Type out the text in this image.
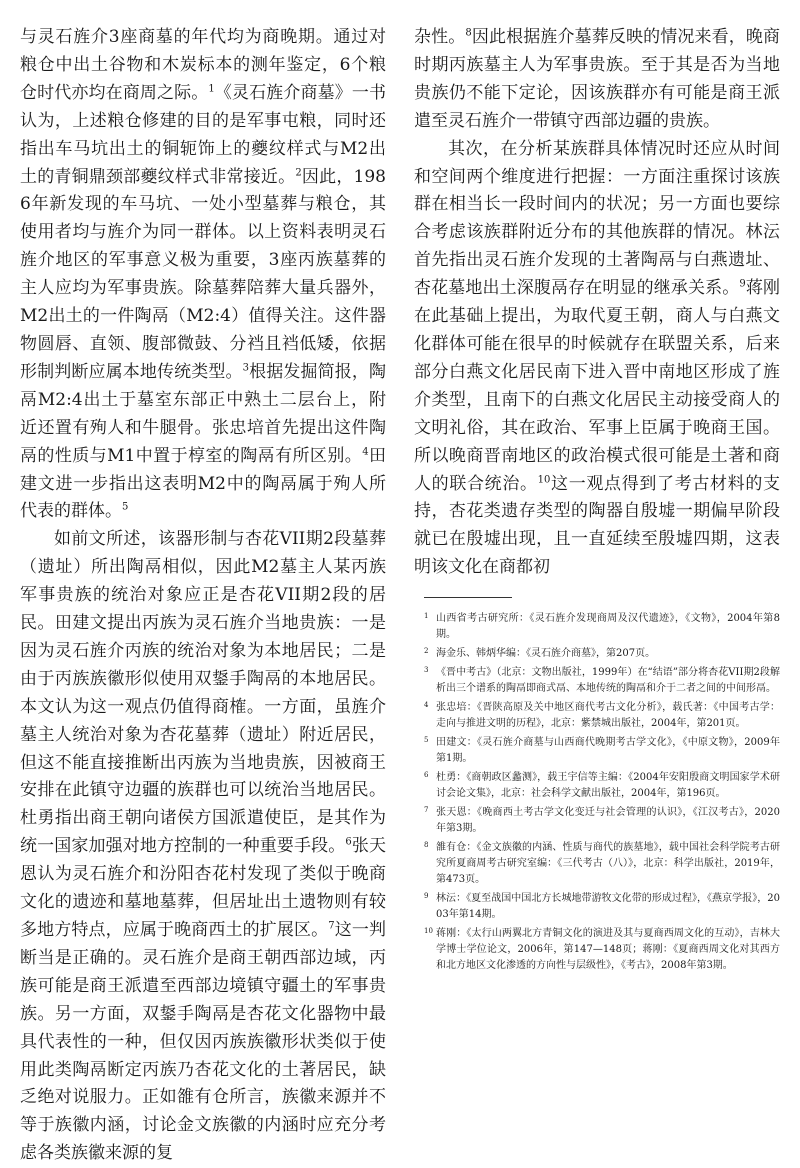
与灵石旌介3座商墓的年代均为商晚期。通过对粮仓中出土谷物和木炭标本的测年鉴定，6个粮仓时代亦均在商周之际。$^1$《灵石旌介商墓》一书认为，上述粮仓修建的目的是军事屯粮，同时还指出车马坑出土的铜轭饰上的夔纹样式与M2出土的青铜鼎颈部夔纹样式非常接近。$^2$因此，1986年新发现的车马坑、一处小型墓葬与粮仓，其使用者均与旌介为同一群体。以上资料表明灵石旌介地区的军事意义极为重要，3座丙族墓葬的主人应均为军事贵族。除墓葬陪葬大量兵器外，M2出土的一件陶鬲（M2:4）值得关注。这件器物圆唇、直领、腹部微鼓、分裆且裆低矮，依据形制判断应属本地传统类型。$^3$根据发掘简报，陶鬲M2:4出土于墓室东部正中熟土二层台上，附近还置有殉人和牛腿骨。张忠培首先提出这件陶鬲的性质与M1中置于椁室的陶鬲有所区别。$^4$田建文进一步指出这表明M2中的陶鬲属于殉人所代表的群体。$^5$

如前文所述，该器形制与杏花VII期2段墓葬（遗址）所出陶鬲相似，因此M2墓主人某丙族军事贵族的统治对象应正是杏花VII期2段的居民。田建文提出丙族为灵石旌介当地贵族：一是因为灵石旌介丙族的统治对象为本地居民；二是由于丙族族徽形似使用双鋬手陶鬲的本地居民。本文认为这一观点仍值得商榷。一方面，虽旌介墓主人统治对象为杏花墓葬（遗址）附近居民，但这不能直接推断出丙族为当地贵族，因被商王安排在此镇守边疆的族群也可以统治当地居民。杜勇指出商王朝向诸侯方国派遣使臣，是其作为统一国家加强对地方控制的一种重要手段。$^6$张天恩认为灵石旌介和汾阳杏花村发现了类似于晚商文化的遗迹和墓地墓葬，但居址出土遗物则有较多地方特点，应属于晚商西土的扩展区。$^7$这一判断当是正确的。灵石旌介是商王朝西部边域，丙族可能是商王派遣至西部边境镇守疆土的军事贵族。另一方面，双鋬手陶鬲是杏花文化器物中最具代表性的一种，但仅因丙族族徽形状类似于使用此类陶鬲断定丙族乃杏花文化的土著居民，缺乏绝对说服力。正如雒有仓所言，族徽来源并不等于族徽内涵，讨论金文族徽的内涵时应充分考虑各类族徽来源的复

杂性。$^8$因此根据旌介墓葬反映的情况来看，晚商时期丙族墓主人为军事贵族。至于其是否为当地贵族仍不能下定论，因该族群亦有可能是商王派遣至灵石旌介一带镇守西部边疆的贵族。

其次，在分析某族群具体情况时还应从时间和空间两个维度进行把握：一方面注重探讨该族群在相当长一段时间内的状况；另一方面也要综合考虑该族群附近分布的其他族群的情况。林沄首先指出灵石旌介发现的土著陶鬲与白燕遗址、杏花墓地出土深腹鬲存在明显的继承关系。$^9$蒋刚在此基础上提出，为取代夏王朝，商人与白燕文化群体可能在很早的时候就存在联盟关系，后来部分白燕文化居民南下进入晋中南地区形成了旌介类型，且南下的白燕文化居民主动接受商人的文明礼俗，其在政治、军事上臣属于晚商王国。所以晚商晋南地区的政治模式很可能是土著和商人的联合统治。$^{10}$这一观点得到了考古材料的支持，杏花类遗存类型的陶器自殷墟一期偏早阶段就已在殷墟出现，且一直延续至殷墟四期，这表明该文化在商都初

1 山西省考古研究所：《灵石旌介发现商周及汉代遗迹》，《文物》，2004年第8期。
2 海金乐、韩炳华编：《灵石旌介商墓》，第207页。
3 《晋中考古》（北京：文物出版社，1999年）在“结语”部分将杏花VII期2段解析出三个谱系的陶鬲即商式鬲、本地传统的陶鬲和介于二者之间的中间形鬲。
4 张忠培：《晋陕高原及关中地区商代考古文化分析》，载氏著：《中国考古学：走向与推进文明的历程》，北京：紫禁城出版社，2004年，第201页。
5 田建文：《灵石旌介商墓与山西商代晚期考古学文化》，《中原文物》，2009年第1期。
6 杜勇：《商朝政区蠡测》，载王宇信等主编：《2004年安阳殷商文明国家学术研讨会论文集》，北京：社会科学文献出版社，2004年，第196页。
7 张天恩：《晚商西土考古学文化变迁与社会管理的认识》，《江汉考古》，2020年第3期。
8 雒有仓：《金文族徽的内涵、性质与商代的族墓地》，载中国社会科学院考古研究所夏商周考古研究室编：《三代考古（八）》，北京：科学出版社，2019年，第473页。
9 林沄：《夏至战国中国北方长城地带游牧文化带的形成过程》，《燕京学报》，2003年第14期。
10 蒋刚：《太行山两翼北方青铜文化的演进及其与夏商西周文化的互动》，吉林大学博士学位论文，2006年，第147—148页；蒋刚：《夏商西周文化对其西方和北方地区文化渗透的方向性与层级性》，《考古》，2008年第3期。
